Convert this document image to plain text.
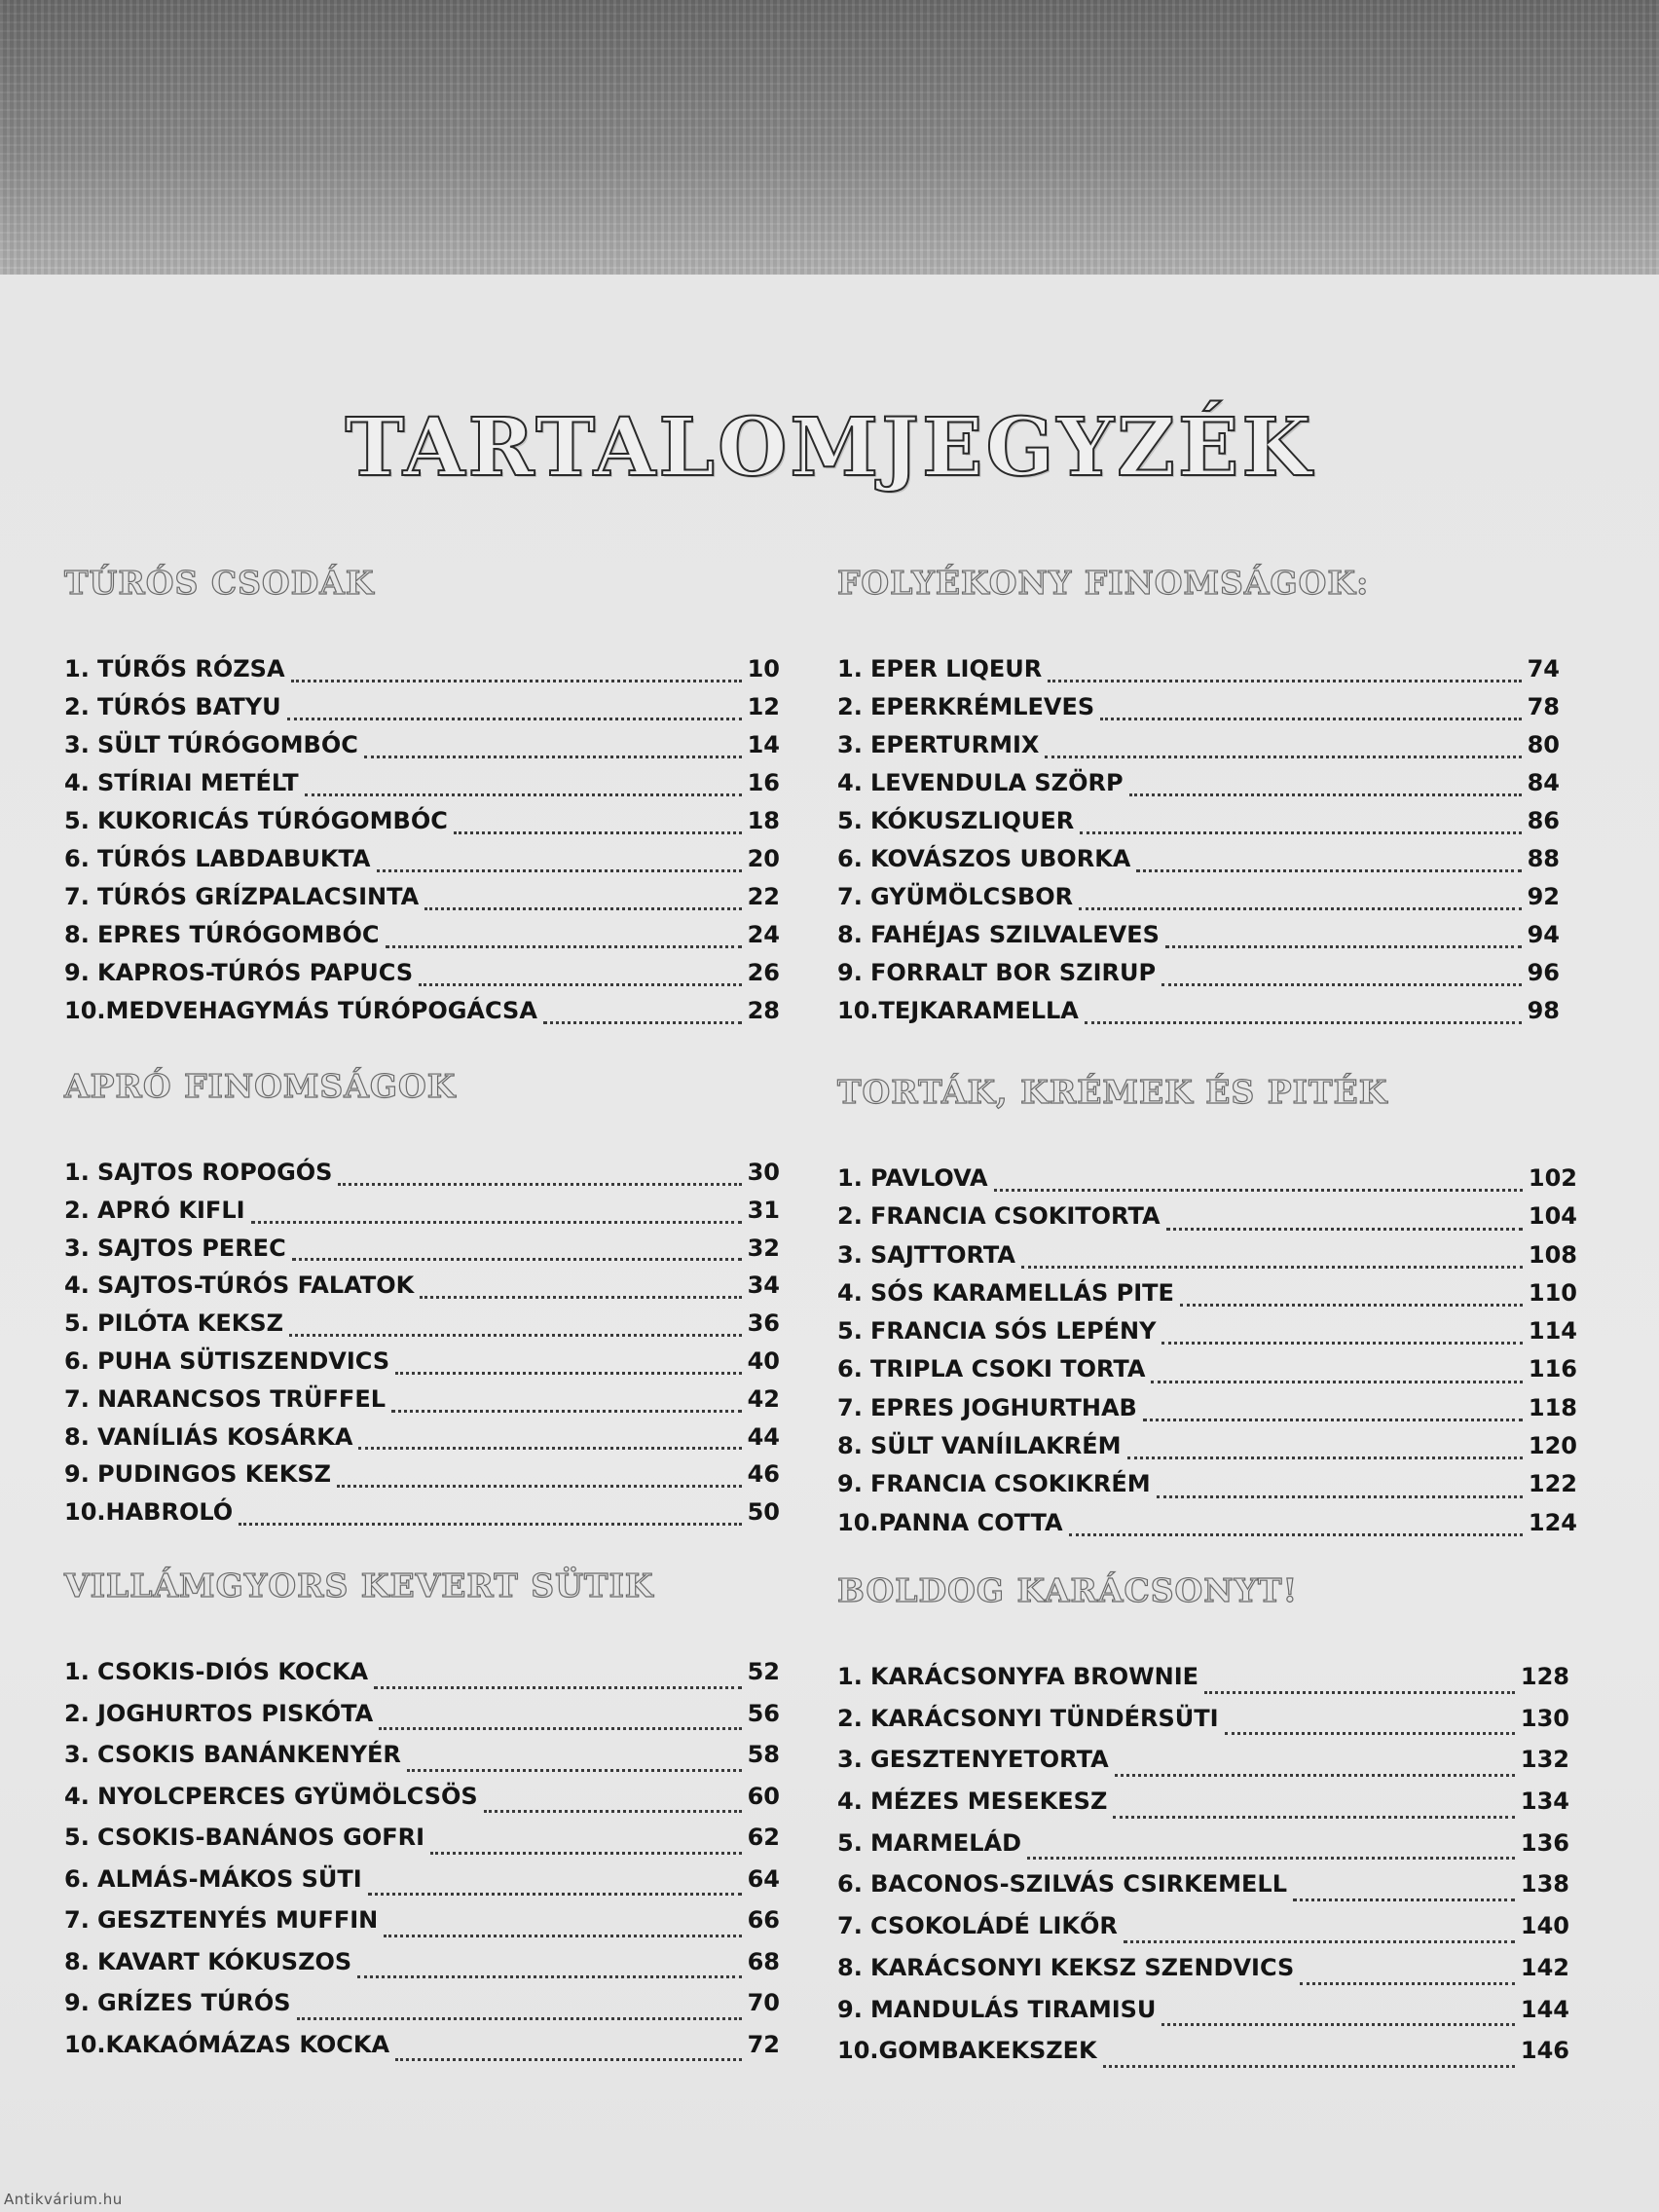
TARTALOMJEGYZÉK
TÚRÓS CSODÁK
1. TÚRŐS RÓZSA	10
2. TÚRÓS BATYU	12
3. SÜLT TÚRÓGOMBÓC	14
4. STÍRIAI METÉLT	16
5. KUKORICÁS TÚRÓGOMBÓC	18
6. TÚRÓS LABDABUKTA	20
7. TÚRÓS GRÍZPALACSINTA	22
8. EPRES TÚRÓGOMBÓC	24
9. KAPROS-TÚRÓS PAPUCS	26
10. MEDVEHAGYMÁS TÚRÓPOGÁCSA	28
FOLYÉKONY FINOMSÁGOK:
1. EPER LIQEUR	74
2. EPERKRÉMLEVES	78
3. EPERTURMIX	80
4. LEVENDULA SZÖRP	84
5. KÓKUSZLIQUER	86
6. KOVÁSZOS UBORKA	88
7. GYÜMÖLCSBOR	92
8. FAHÉJAS SZILVALEVES	94
9. FORRALT BOR SZIRUP	96
10. TEJKARAMELLA	98
APRÓ FINOMSÁGOK
1. SAJTOS ROPOGÓS	30
2. APRÓ KIFLI	31
3. SAJTOS PEREC	32
4. SAJTOS-TÚRÓS FALATOK	34
5. PILÓTA KEKSZ	36
6. PUHA SÜTISZENDVICS	40
7. NARANCSOS TRÜFFEL	42
8. VANÍLIÁS KOSÁRKA	44
9. PUDINGOS KEKSZ	46
10. HABROLÓ	50
TORTÁK, KRÉMEK ÉS PITÉK
1. PAVLOVA	102
2. FRANCIA CSOKITORTA	104
3. SAJTTORTA	108
4. SÓS KARAMELLÁS PITE	110
5. FRANCIA SÓS LEPÉNY	114
6. TRIPLA CSOKI TORTA	116
7. EPRES JOGHURTHAB	118
8. SÜLT VANÍILAKRÉM	120
9. FRANCIA CSOKIKRÉM	122
10. PANNA COTTA	124
VILLÁMGYORS KEVERT SÜTIK
1. CSOKIS-DIÓS KOCKA	52
2. JOGHURTOS PISKÓTA	56
3. CSOKIS BANÁNKENYÉR	58
4. NYOLCPERCES GYÜMÖLCSÖS	60
5. CSOKIS-BANÁNOS GOFRI	62
6. ALMÁS-MÁKOS SÜTI	64
7. GESZTENYÉS MUFFIN	66
8. KAVART KÓKUSZOS	68
9. GRÍZES TÚRÓS	70
10. KAKAÓMÁZAS KOCKA	72
BOLDOG KARÁCSONYT!
1. KARÁCSONYFA BROWNIE	128
2. KARÁCSONYI TÜNDÉRSÜTI	130
3. GESZTENYETORTA	132
4. MÉZES MESEKESZ	134
5. MARMELÁD	136
6. BACONOS-SZILVÁS CSIRKEMELL	138
7. CSOKOLÁDÉ LIKŐR	140
8. KARÁCSONYI KEKSZ SZENDVICS	142
9. MANDULÁS TIRAMISU	144
10. GOMBAKEKSZEK	146
Antikvárium.hu
